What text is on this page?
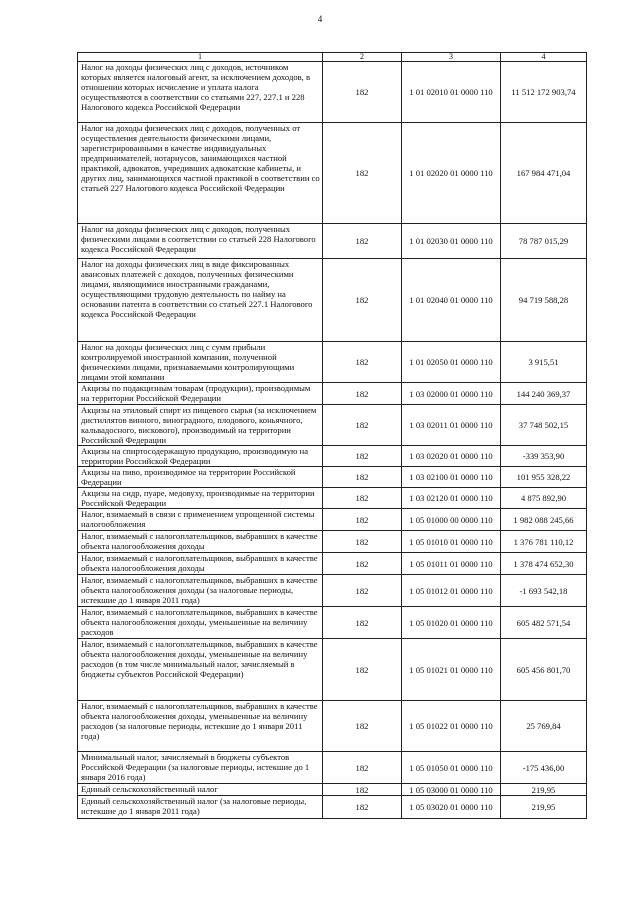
4
1	2	3	4
Налог на доходы физических лиц с доходов, источником которых является налоговый агент, за исключением доходов, в отношении которых исчисление и уплата налога осуществляются в соответствии со статьями 227, 227.1 и 228 Налогового кодекса Российской Федерации	182	1 01 02010 01 0000 110	11 512 172 903,74
Налог на доходы физических лиц с доходов, полученных от осуществления деятельности физическими лицами, зарегистрированными в качестве индивидуальных предпринимателей, нотариусов, занимающихся частной практикой, адвокатов, учредивших адвокатские кабинеты, и других лиц, занимающихся частной практикой в соответствии со статьей 227 Налогового кодекса Российской Федерации	182	1 01 02020 01 0000 110	167 984 471,04
Налог на доходы физических лиц с доходов, полученных физическими лицами в соответствии со статьей 228 Налогового кодекса Российской Федерации	182	1 01 02030 01 0000 110	78 787 015,29
Налог на доходы физических лиц в виде фиксированных авансовых платежей с доходов, полученных физическими лицами, являющимися иностранными гражданами, осуществляющими трудовую деятельность по найму на основании патента в соответствии со статьей 227.1 Налогового кодекса Российской Федерации	182	1 01 02040 01 0000 110	94 719 588,28
Налог на доходы физических лиц с сумм прибыли контролируемой иностранной компании, полученной физическими лицами, признаваемыми контролирующими лицами этой компании	182	1 01 02050 01 0000 110	3 915,51
Акцизы по подакцизным товарам (продукции), производимым на территории Российской Федерации	182	1 03 02000 01 0000 110	144 240 369,37
Акцизы на этиловый спирт из пищевого сырья (за исключением дистиллятов винного, виноградного, плодового, коньячного, кальвадосного, вискового), производимый на территории Российской Федерации	182	1 03 02011 01 0000 110	37 748 502,15
Акцизы на спиртосодержащую продукцию, производимую на территории Российской Федерации	182	1 03 02020 01 0000 110	-339 353,90
Акцизы на пиво, производимое на территории Российской Федерации	182	1 03 02100 01 0000 110	101 955 328,22
Акцизы на сидр, пуаре, медовуху, производимые на территории Российской Федерации	182	1 03 02120 01 0000 110	4 875 892,90
Налог, взимаемый в связи с применением упрощенной системы налогообложения	182	1 05 01000 00 0000 110	1 982 088 245,66
Налог, взимаемый с налогоплательщиков, выбравших в качестве объекта налогообложения доходы	182	1 05 01010 01 0000 110	1 376 781 110,12
Налог, взимаемый с налогоплательщиков, выбравших в качестве объекта налогообложения доходы	182	1 05 01011 01 0000 110	1 378 474 652,30
Налог, взимаемый с налогоплательщиков, выбравших в качестве объекта налогообложения доходы (за налоговые периоды, истекшие до 1 января 2011 года)	182	1 05 01012 01 0000 110	-1 693 542,18
Налог, взимаемый с налогоплательщиков, выбравших в качестве объекта налогообложения доходы, уменьшенные на величину расходов	182	1 05 01020 01 0000 110	605 482 571,54
Налог, взимаемый с налогоплательщиков, выбравших в качестве объекта налогообложения доходы, уменьшенные на величину расходов (в том числе минимальный налог, зачисляемый в бюджеты субъектов Российской Федерации)	182	1 05 01021 01 0000 110	605 456 801,70
Налог, взимаемый с налогоплательщиков, выбравших в качестве объекта налогообложения доходы, уменьшенные на величину расходов (за налоговые периоды, истекшие до 1 января 2011 года)	182	1 05 01022 01 0000 110	25 769,84
Минимальный налог, зачисляемый в бюджеты субъектов Российской Федерации (за налоговые периоды, истекшие до 1 января 2016 года)	182	1 05 01050 01 0000 110	-175 436,00
Единый сельскохозяйственный налог	182	1 05 03000 01 0000 110	219,95
Единый сельскохозяйственный налог (за налоговые периоды, истекшие до 1 января 2011 года)	182	1 05 03020 01 0000 110	219,95
